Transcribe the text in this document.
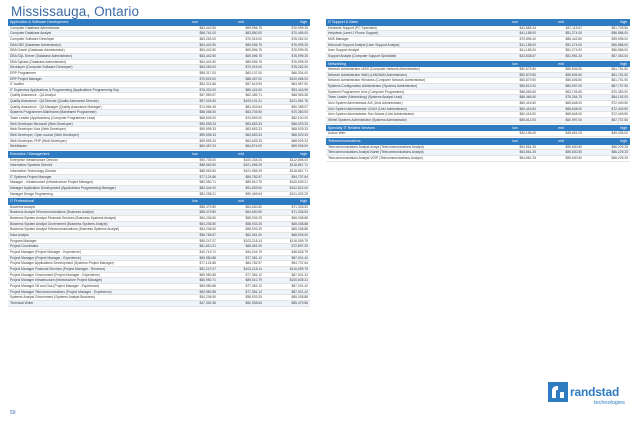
Mississauga, Ontario
Application & Software Development	low	mid	high
Computer Database Administrator	$63,442.50	$69,596.75	$76,999.25
Computer Database Analyst	$58,761.00	$63,850.00	$70,465.00
Computer Software Developer	$63,263.00	$70,915.00	$78,262.00
DBA DB2 (Database Administrator)	$63,442.50	$69,596.75	$76,999.25
DBA Oracle (Database Administrator)	$63,442.50	$69,596.75	$76,999.25
DBA SQL Server (Database Administrator)	$63,442.50	$69,596.75	$76,999.25
DBA Sybase (Database Administrator)	$63,442.50	$69,596.75	$76,999.25
Developer (Computer Software Developer)	$63,263.00	$70,915.00	$78,262.00
ERP Programmer	$55,317.00	$60,107.00	$66,334.00
ERP Project Manager	$79,529.00	$88,457.00	$100,065.00
IT Auditor	$52,321.86	$57,619.93	$63,987.50
IT Supervisor Applications & Programming (Applications Programming Sup	$76,332.00	$85,424.00	$93,443.99
Quality Assurance - QA Analyst	$57,569.57	$62,489.71	$68,963.08
Quality Assurance - QA Director (Quality Assurance Director)	$97,024.50	$105,191.21	$121,961.76
Quality Assurance - QA Manager (Quality Assurance Manager)	$74,964.45	$81,303.64	$90,398.07
Systems Programmer-Mainframe (Mainframe Programmer)	$58,065.50	$63,745.50	$70,350.00
Team Leader (Applications) (Computer Programmer Lead)	$68,526.00	$74,893.00	$82,100.00
Web Developer Microsoft (Web Developer)	$59,595.33	$63,653.33	$68,929.33
Web Developer Unix (Web Developer)	$59,595.33	$63,653.33	$68,929.33
Web Developer, Open source (Web Developer)	$59,595.33	$63,653.33	$68,929.33
Web Developer, PHP (Web Developer)	$59,595.33	$63,653.33	$68,929.33
WebMaster	$60,457.00	$64,574.00	$69,926.00
Executive / Management	low	mid	high
Enterprise Infrastructure Director	$90,739.00	$100,334.00	$112,898.00
Information Systems Director	$88,963.50	$101,965.29	$118,867.71
Information Technology Director	$88,963.50	$101,965.29	$118,867.71
IT Systems Project Manager	$77,124.86	$84,782.57	$94,737.64
Manager - Infrastructure (Infrastructure Project Manager)	$80,950.71	$89,510.79	$100,639.21
Manager Application Development (Applications Programming Manager)	$83,344.00	$91,839.00	$102,822.00
Manager Design Engineering	$82,298.21	$90,469.64	$101,092.29
IT Professional	low	mid	high
Business Analyst	$58,479.80	$64,630.60	$71,328.53
Business Analyst Telecommunications (Business Analyst)	$58,479.80	$64,630.60	$71,328.53
Business System Analyst Financial Services (Business Systems Analyst)	$54,236.50	$58,933.25	$65,038.88
Business System Analyst Government (Business Systems Analyst)	$54,236.50	$58,933.25	$65,038.88
Business System Analyst Telecommunications (Business Systems Analyst)	$54,236.50	$58,933.25	$65,038.88
Data Analyst	$56,765.67	$62,061.00	$68,509.00
Program Manager	$95,247.07	$103,218.14	$116,059.79
Project Coordinator	$61,610.21	$66,561.00	$72,897.29
Project Manager (Project Manager - Experience)	$40,719.71	$44,244.79	$48,828.79
Project Manager (Project Manager - Experience)	$69,980.88	$77,381.12	$87,001.42
Project Manager Applications Development (Systems Project Manager)	$77,124.86	$84,782.57	$94,737.64
Project Manager Financial Services (Project Manager - Revenue)	$92,247.07	$103,218.14	$116,059.79
Project Manager Government (Project Manager - Experience)	$69,980.88	$77,381.12	$87,001.42
Project Manager Infrastructure (Infrastructure Project Manager)	$80,950.71	$89,510.79	$100,639.21
Project Manager Oil and Gas (Project Manager - Experience)	$69,980.88	$77,381.12	$87,001.42
Project Manager Telecommunications (Project Manager - Experience)	$69,980.88	$77,381.12	$87,001.42
Systems Analyst Government (Systems Analyst Business)	$54,236.50	$58,933.25	$65,038.88
Technical Writer	$47,392.36	$50,908.64	$55,479.86
IT Support & Sales	low	mid	high
Deskside Support (PC Specialist)	$43,585.34	$47,115.67	$51,705.50
Helpdesk (Level 1 Phone Support)	$41,188.00	$51,274.00	$56,586.00
MIIS Manager	$79,896.40	$86,442.80	$95,995.00
Microsoft Support Analyst (User Support Analyst)	$41,188.00	$51,274.00	$56,586.00
User Support Analyst	$41,188.00	$51,274.00	$56,586.00
Support Analyst (Computer Support Specialist)	$43,838.67	$51,981.33	$57,363.00
Networking	low	mid	high
Network Administrator UNIX (Computer Network Administrator)	$50,879.50	$55,606.50	$61,751.50
Network Administrator WAN (LAN/WAN Administrator)	$50,879.50	$55,606.50	$61,751.50
Network Administrator Windows (Computer Network Administrator)	$50,879.50	$55,606.50	$61,751.50
Systems Configuration Administrator (Systems Administrator)	$55,812.00	$60,997.00	$67,737.50
Systems Programmer Unix (Computer Programmer)	$58,065.50	$63,745.50	$70,350.00
Team Leader (Networking) (Systems Analyst Lead)	$66,466.50	$75,264.75	$84,192.00
Unix System Administrator AIX (Unix Administrator)	$60,416.50	$65,648.00	$72,449.50
Unix System Administrator LINUX (Unix Administrator)	$60,416.50	$65,648.00	$72,449.50
Unix System Administrator Sun Solaris (Unix Administrator)	$60,416.50	$65,648.00	$72,449.50
Wintel Systems Administrator (Systems Administrator)	$55,812.00	$60,997.00	$67,737.50
Specialty IT Related Services	low	mid	high
Author Web	$42,196.00	$45,651.00	$49,435.00
Telecommunications	low	mid	high
Telecommunications Analyst Avaya (Telecommunications Analyst)	$54,561.25	$59,630.50	$66,229.25
Telecommunications Analyst Nortel (Telecommunications Analyst)	$54,561.25	$59,630.50	$66,229.25
Telecommunications Analyst VOIP (Telecommunications Analyst)	$54,561.25	$59,630.50	$66,229.25
59
randstad
technologies
